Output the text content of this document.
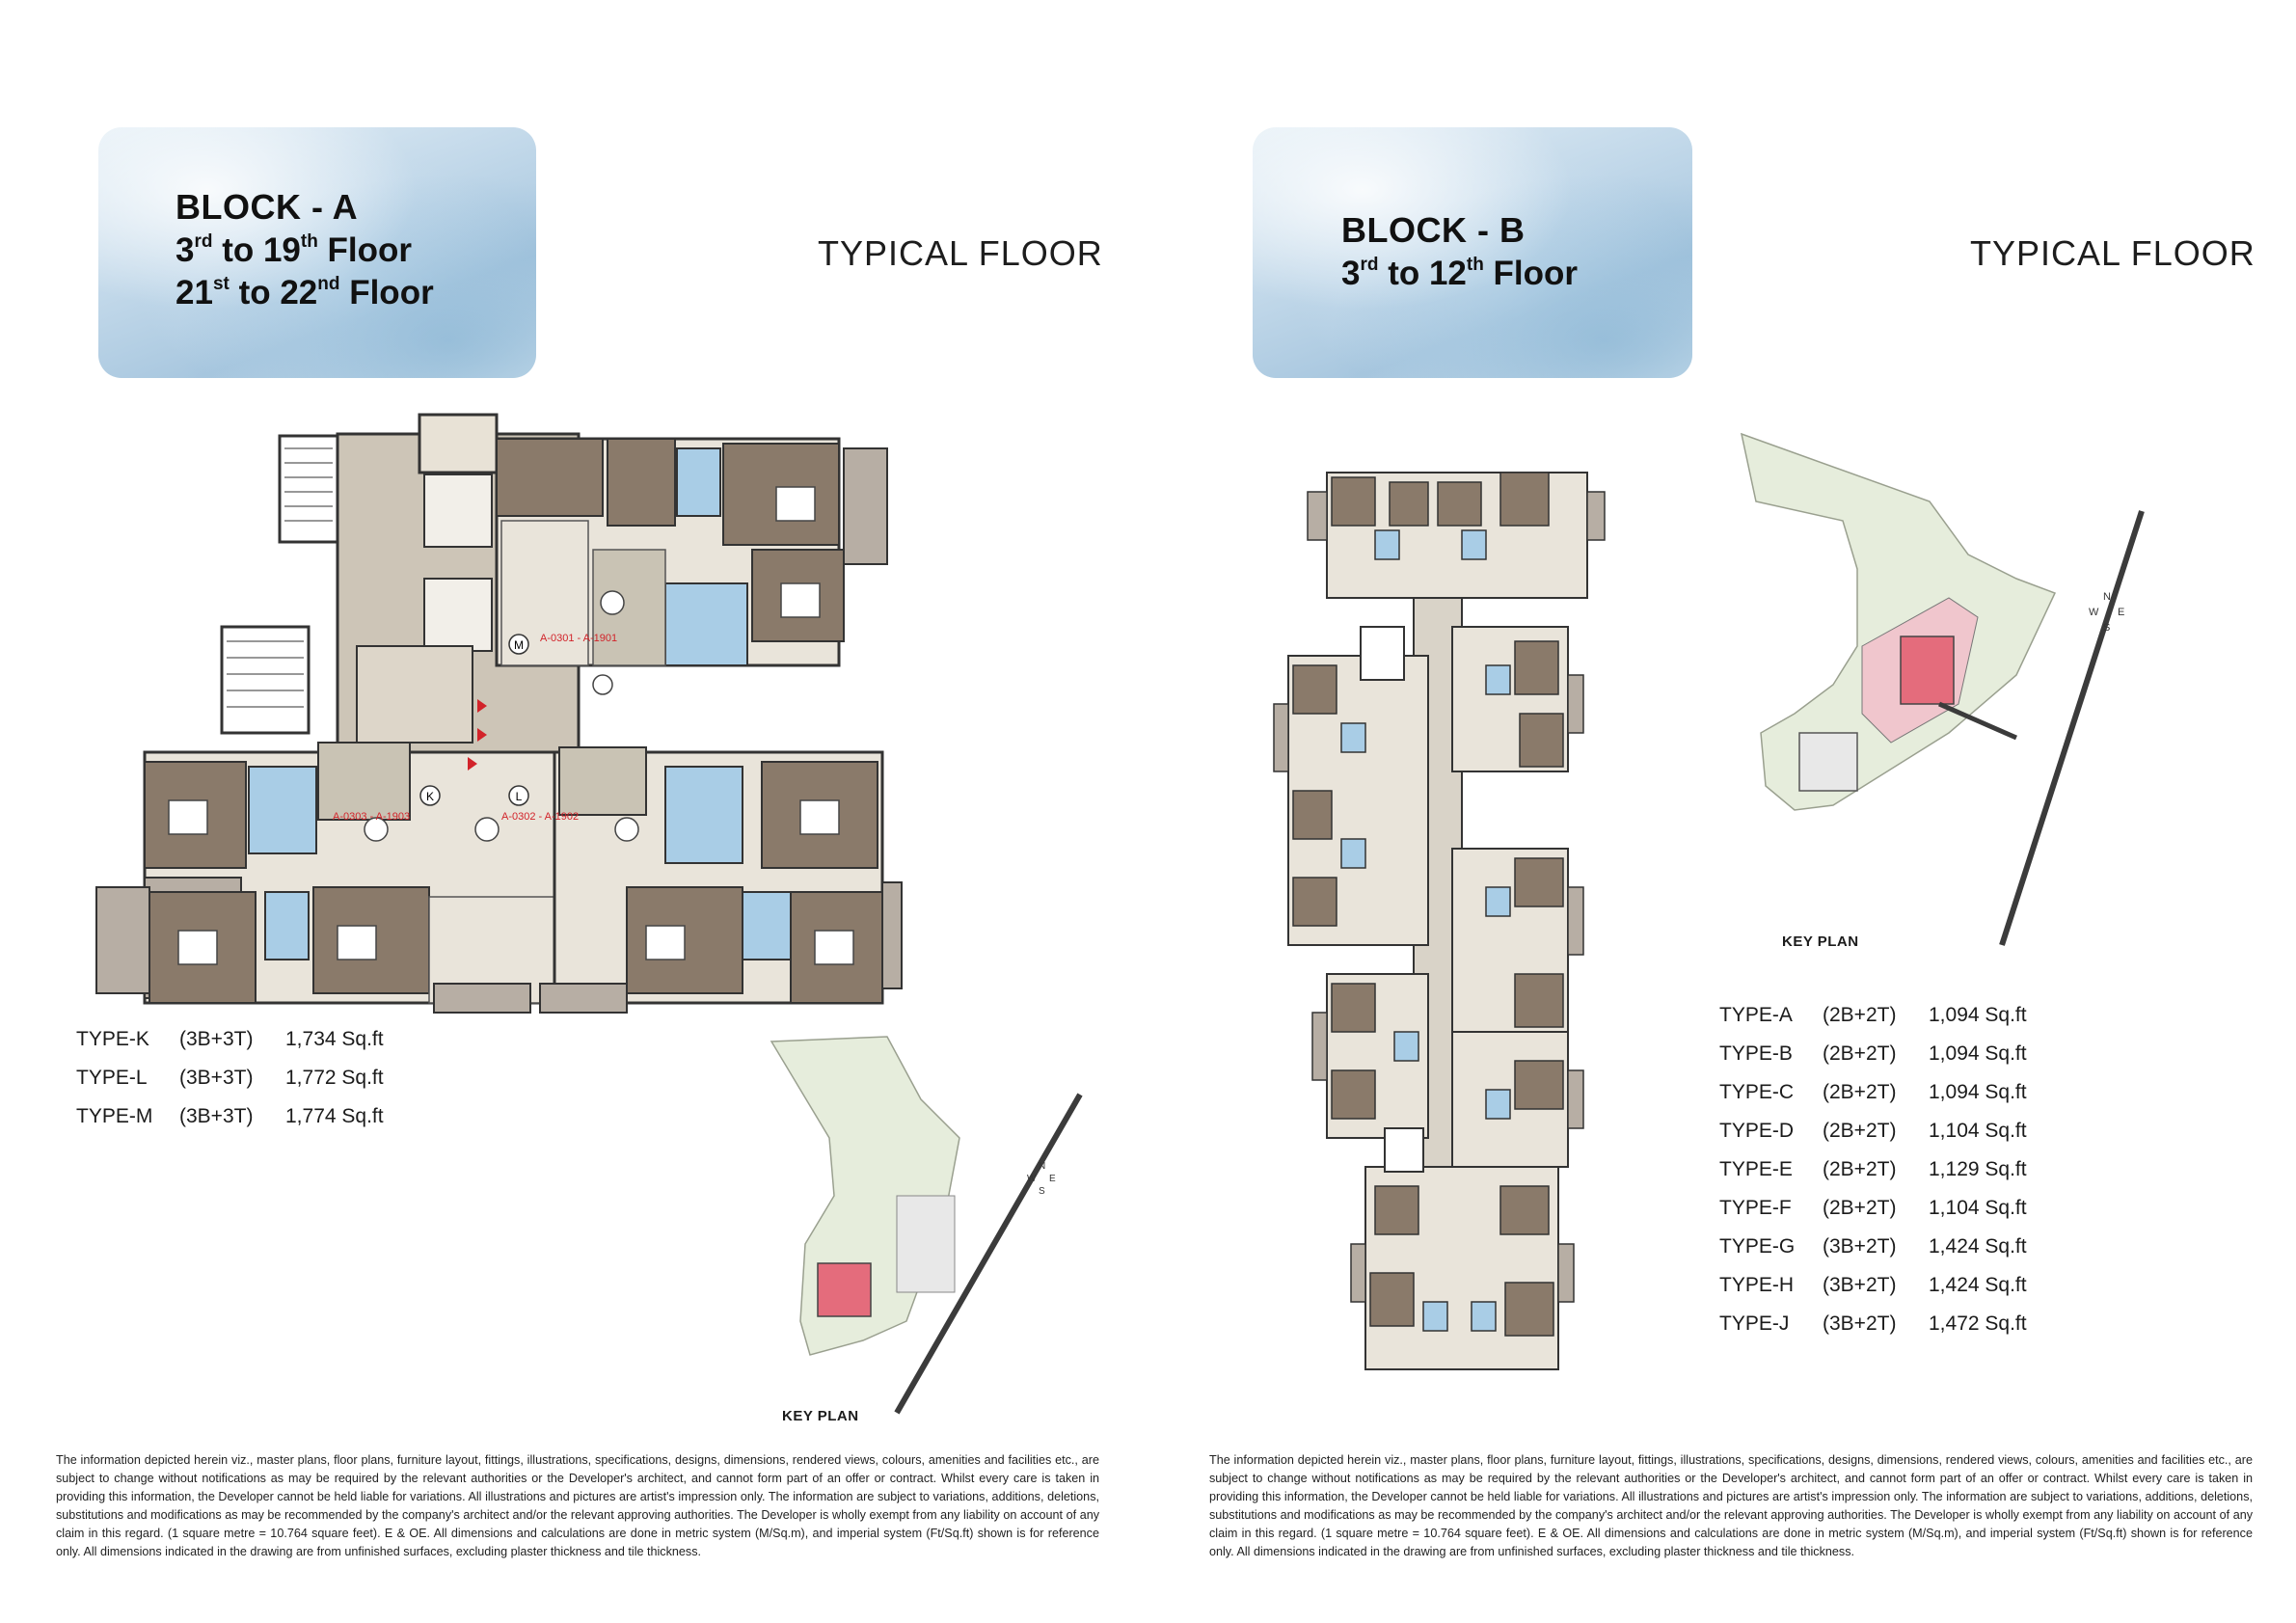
BLOCK - A
3rd to 19th Floor
21st to 22nd Floor
TYPICAL FLOOR
M
K	L
A-0301 - A-1901
A-0303 - A-1903	A-0302 - A-1902
TYPE-K	(3B+3T)	1,734 Sq.ft
TYPE-L	(3B+3T)	1,772 Sq.ft
TYPE-M	(3B+3T)	1,774 Sq.ft
N
W E
S
KEY PLAN
The information depicted herein viz., master plans, floor plans, furniture layout, fittings, illustrations, specifications, designs, dimensions, rendered views, colours, amenities and facilities etc., are subject to change without notifications as may be required by the relevant authorities or the Developer's architect, and cannot form part of an offer or contract. Whilst every care is taken in providing this information, the Developer cannot be held liable for variations. All illustrations and pictures are artist's impression only. The information are subject to variations, additions, deletions, substitutions and modifications as may be recommended by the company's architect and/or the relevant approving authorities. The Developer is wholly exempt from any liability on account of any claim in this regard. (1 square metre = 10.764 square feet). E & OE. All dimensions and calculations are done in metric system (M/Sq.m), and imperial system (Ft/Sq.ft) shown is for reference only. All dimensions indicated in the drawing are from unfinished surfaces, excluding plaster thickness and tile thickness.
BLOCK - B
3rd to 12th Floor
TYPICAL FLOOR
N
W E
S
KEY PLAN
TYPE-A	(2B+2T)	1,094 Sq.ft
TYPE-B	(2B+2T)	1,094 Sq.ft
TYPE-C	(2B+2T)	1,094 Sq.ft
TYPE-D	(2B+2T)	1,104 Sq.ft
TYPE-E	(2B+2T)	1,129 Sq.ft
TYPE-F	(2B+2T)	1,104 Sq.ft
TYPE-G	(3B+2T)	1,424 Sq.ft
TYPE-H	(3B+2T)	1,424 Sq.ft
TYPE-J	(3B+2T)	1,472 Sq.ft
The information depicted herein viz., master plans, floor plans, furniture layout, fittings, illustrations, specifications, designs, dimensions, rendered views, colours, amenities and facilities etc., are subject to change without notifications as may be required by the relevant authorities or the Developer's architect, and cannot form part of an offer or contract. Whilst every care is taken in providing this information, the Developer cannot be held liable for variations. All illustrations and pictures are artist's impression only. The information are subject to variations, additions, deletions, substitutions and modifications as may be recommended by the company's architect and/or the relevant approving authorities. The Developer is wholly exempt from any liability on account of any claim in this regard. (1 square metre = 10.764 square feet). E & OE. All dimensions and calculations are done in metric system (M/Sq.m), and imperial system (Ft/Sq.ft) shown is for reference only. All dimensions indicated in the drawing are from unfinished surfaces, excluding plaster thickness and tile thickness.
